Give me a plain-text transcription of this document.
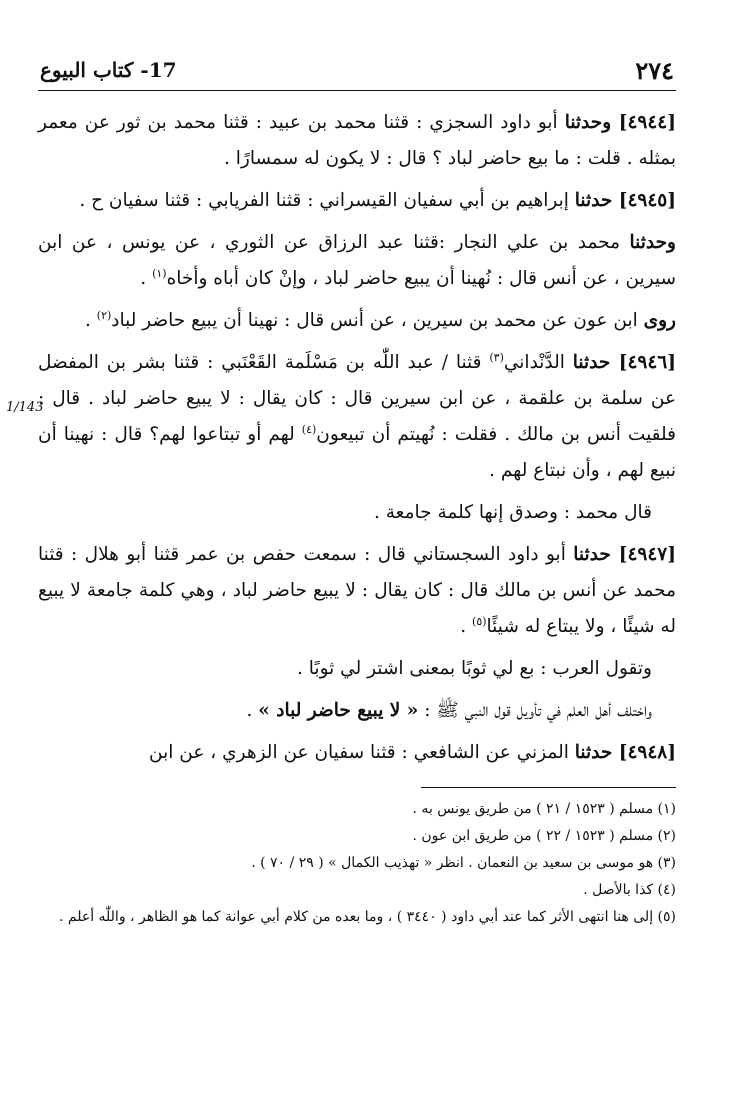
٢٧٤
17- كتاب البيوع

[٤٩٤٤] وحدثنا أبو داود السجزي : قثنا محمد بن عبيد : قثنا محمد بن ثور عن معمر بمثله . قلت : ما بيع حاضر لباد ؟ قال : لا يكون له سمسارًا .

[٤٩٤٥] حدثنا إبراهيم بن أبي سفيان القيسراني : قثنا الفريابي : قثنا سفيان ح .

وحدثنا محمد بن علي النجار :قثنا عبد الرزاق عن الثوري ، عن يونس ، عن ابن سيرين ، عن أنس قال : نُهينا أن يبيع حاضر لباد ، وإنْ كان أباه وأخاه$^{(١)}$ .

روى ابن عون عن محمد بن سيرين ، عن أنس قال : نهينا أن يبيع حاضر لباد$^{(٢)}$ .

[٤٩٤٦] حدثنا الدَّنْداني$^{(٣)}$ قثنا / عبد اللّٰه بن مَسْلَمة القَعْنَبي : قثنا بشر بن المفضل عن سلمة بن علقمة ، عن ابن سيرين قال : كان يقال : لا يبيع حاضر لباد . قال : فلقيت أنس بن مالك . فقلت : نُهيتم أن تبيعون$^{(٤)}$ لهم أو تبتاعوا لهم؟ قال : نهينا أن نبيع لهم ، وأن نبتاع لهم .

قال محمد : وصدق إنها كلمة جامعة .

[٤٩٤٧] حدثنا أبو داود السجستاني قال : سمعت حفص بن عمر قثنا أبو هلال : قثنا محمد عن أنس بن مالك قال : كان يقال : لا يبيع حاضر لباد ، وهي كلمة جامعة لا يبيع له شيئًا ، ولا يبتاع له شيئًا$^{(٥)}$ .

وتقول العرب : بع لي ثوبًا بمعنى اشتر لي ثوبًا .

واختلف أهل العلم في تأويل قول النبي ﷺ : « لا يبيع حاضر لباد » .

[٤٩٤٨] حدثنا المزني عن الشافعي : قثنا سفيان عن الزهري ، عن ابن

(١) مسلم ( ١٥٢٣ / ٢١ ) من طريق يونس به .

(٢) مسلم ( ١٥٢٣ / ٢٢ ) من طريق ابن عون .

(٣) هو موسى بن سعيد بن النعمان . انظر « تهذيب الكمال » ( ٢٩ / ٧٠ ) .

(٤) كذا بالأصل .

(٥) إلى هنا انتهى الأثر كما عند أبي داود ( ٣٤٤٠ ) ، وما بعده من كلام أبي عوانة كما هو الظاهر ، واللّٰه أعلم .

1/143
